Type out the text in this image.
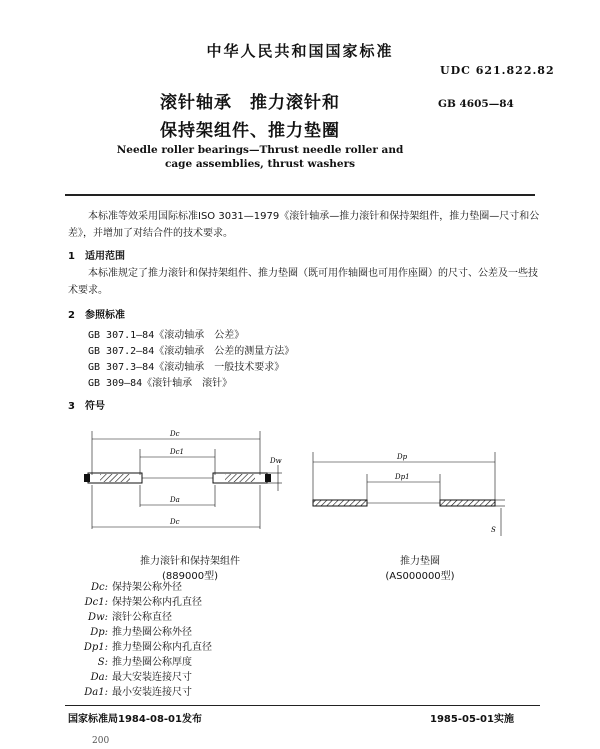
中华人民共和国国家标准
UDC 621.822.82
GB 4605—84
滚针轴承　推力滚针和
保持架组件、推力垫圈
Needle roller bearings—Thrust needle roller and
cage assemblies, thrust washers
本标准等效采用国际标准ISO 3031—1979《滚针轴承—推力滚针和保持架组件，推力垫圈—尺寸和公差》，并增加了对结合件的技术要求。
1　适用范围
本标准规定了推力滚针和保持架组件、推力垫圈（既可用作轴圈也可用作座圈）的尺寸、公差及一些技术要求。
2　参照标准
GB 307.1—84《滚动轴承　公差》
GB 307.2—84《滚动轴承　公差的测量方法》
GB 307.3—84《滚动轴承　一般技术要求》
GB 309—84《滚针轴承　滚针》
3　符号
Dc
Dc1
Dw
Da
Dc
Dp
Dp1
S
推力滚针和保持架组件
(889000型)
推力垫圈
(AS000000型)
Dc: 保持架公称外径
Dc1: 保持架公称内孔直径
Dw: 滚针公称直径
Dp: 推力垫圈公称外径
Dp1: 推力垫圈公称内孔直径
S: 推力垫圈公称厚度
Da: 最大安装连接尺寸
Da1: 最小安装连接尺寸
国家标准局1984-08-01发布	1985-05-01实施
200
